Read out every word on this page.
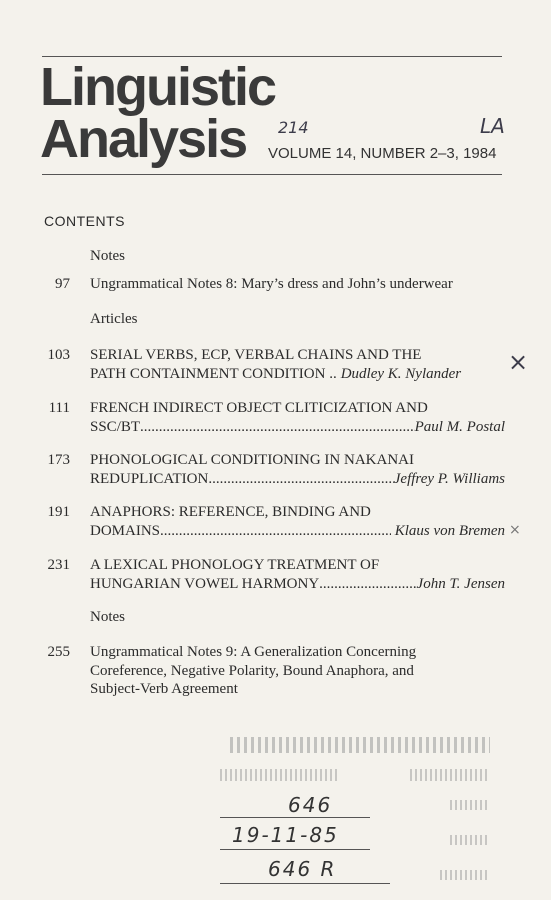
Linguistic
Analysis VOLUME 14, NUMBER 2–3, 1984
214	LA
CONTENTS
Notes
97 Ungrammatical Notes 8: Mary’s dress and John’s underwear
Articles
103 SERIAL VERBS, ECP, VERBAL CHAINS AND THE
PATH CONTAINMENT CONDITION .. Dudley K. Nylander ×
111 FRENCH INDIRECT OBJECT CLITICIZATION AND
SSC/BT .....	Paul M. Postal
173 PHONOLOGICAL CONDITIONING IN NAKANAI
REDUPLICATION .....	Jeffrey P. Williams
191 ANAPHORS: REFERENCE, BINDING AND
DOMAINS .....	Klaus von Bremen ×
231 A LEXICAL PHONOLOGY TREATMENT OF
HUNGARIAN VOWEL HARMONY .....	John T. Jensen
Notes
255 Ungrammatical Notes 9: A Generalization Concerning
Coreference, Negative Polarity, Bound Anaphora, and
Subject-Verb Agreement
646
19-11-85
646 R
